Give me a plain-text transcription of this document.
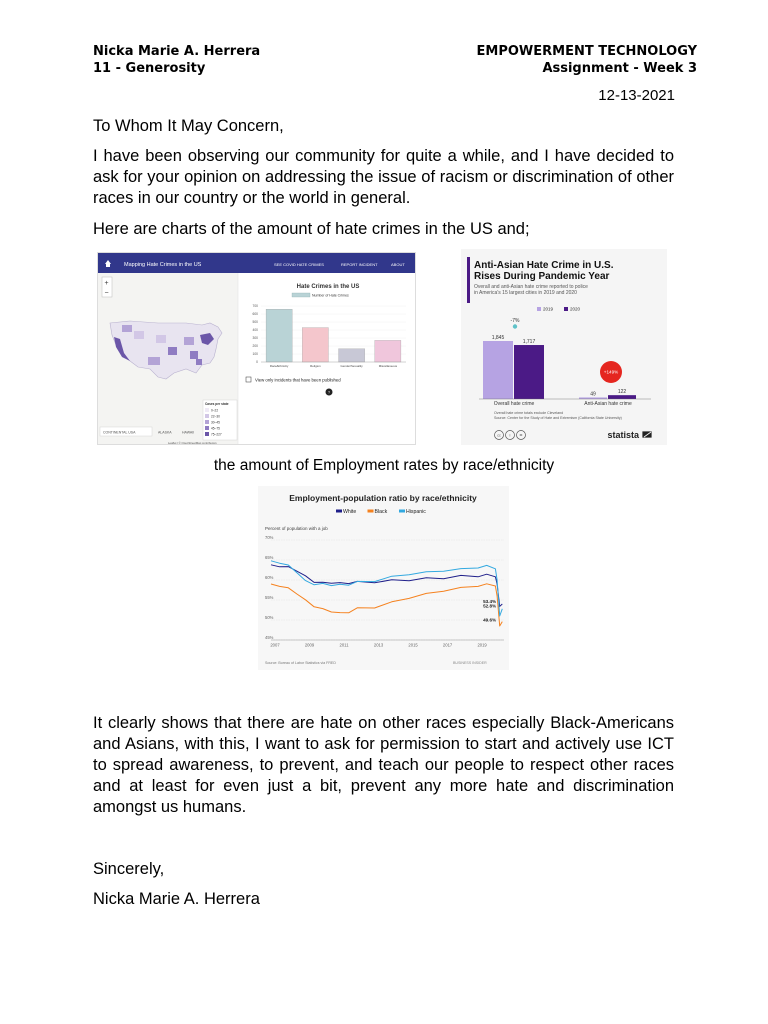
Nicka Marie A. Herrera
11 - Generosity
EMPOWERMENT TECHNOLOGY
Assignment - Week 3
12-13-2021
To Whom It May Concern,
I have been observing our community for quite a while, and I have decided to ask for your opinion on addressing the issue of racism or discrimination of other races in our country or the world in general.
Here are charts of the amount of hate crimes in the US and;
Mapping Hate Crimes in the US	SEE COVID HATE CRIMES	REPORT INCIDENT	ABOUT
+
−
CONTINENTAL USA	ALASKA	HAWAII
Cases per state
0–22
22–30
30–45
45–75
75–227
Leaflet | © OpenStreetMap contributors
Hate Crimes in the US
Number of Hate Crimes
0
100
200
300
400
500
600
700
Race/Ethnicity	Religion	Gender/Sexuality	Miscellaneous
View only incidents that have been published
?
Anti-Asian Hate Crime in U.S. Rises During Pandemic Year
Overall and anti-Asian hate crime reported to police in America's 15 largest cities in 2019 and 2020
2019	2020
1,845
1,717
Overall hate crime
49	122
Anti-Asian hate crime
-7%
+149%
Overall hate crime totals exclude Cleveland
Source: Center for the Study of Hate and Extremism (California State University)
cc i =	statista
the amount of Employment rates by race/ethnicity
Employment-population ratio by race/ethnicity
White	Black	Hispanic
Percent of population with a job
70%
65%
60%
55%
50%
45%
2007	2009	2011	2013	2015	2017	2019
53.4%
52.8%
49.6%
Source: Bureau of Labor Statistics via FRED	BUSINESS INSIDER
It clearly shows that there are hate on other races especially Black-Americans and Asians, with this, I want to ask for permission to start and actively use ICT to spread awareness, to prevent, and teach our people to respect other races and at least for even just a bit, prevent any more hate and discrimination amongst us humans.
Sincerely,
Nicka Marie A. Herrera
